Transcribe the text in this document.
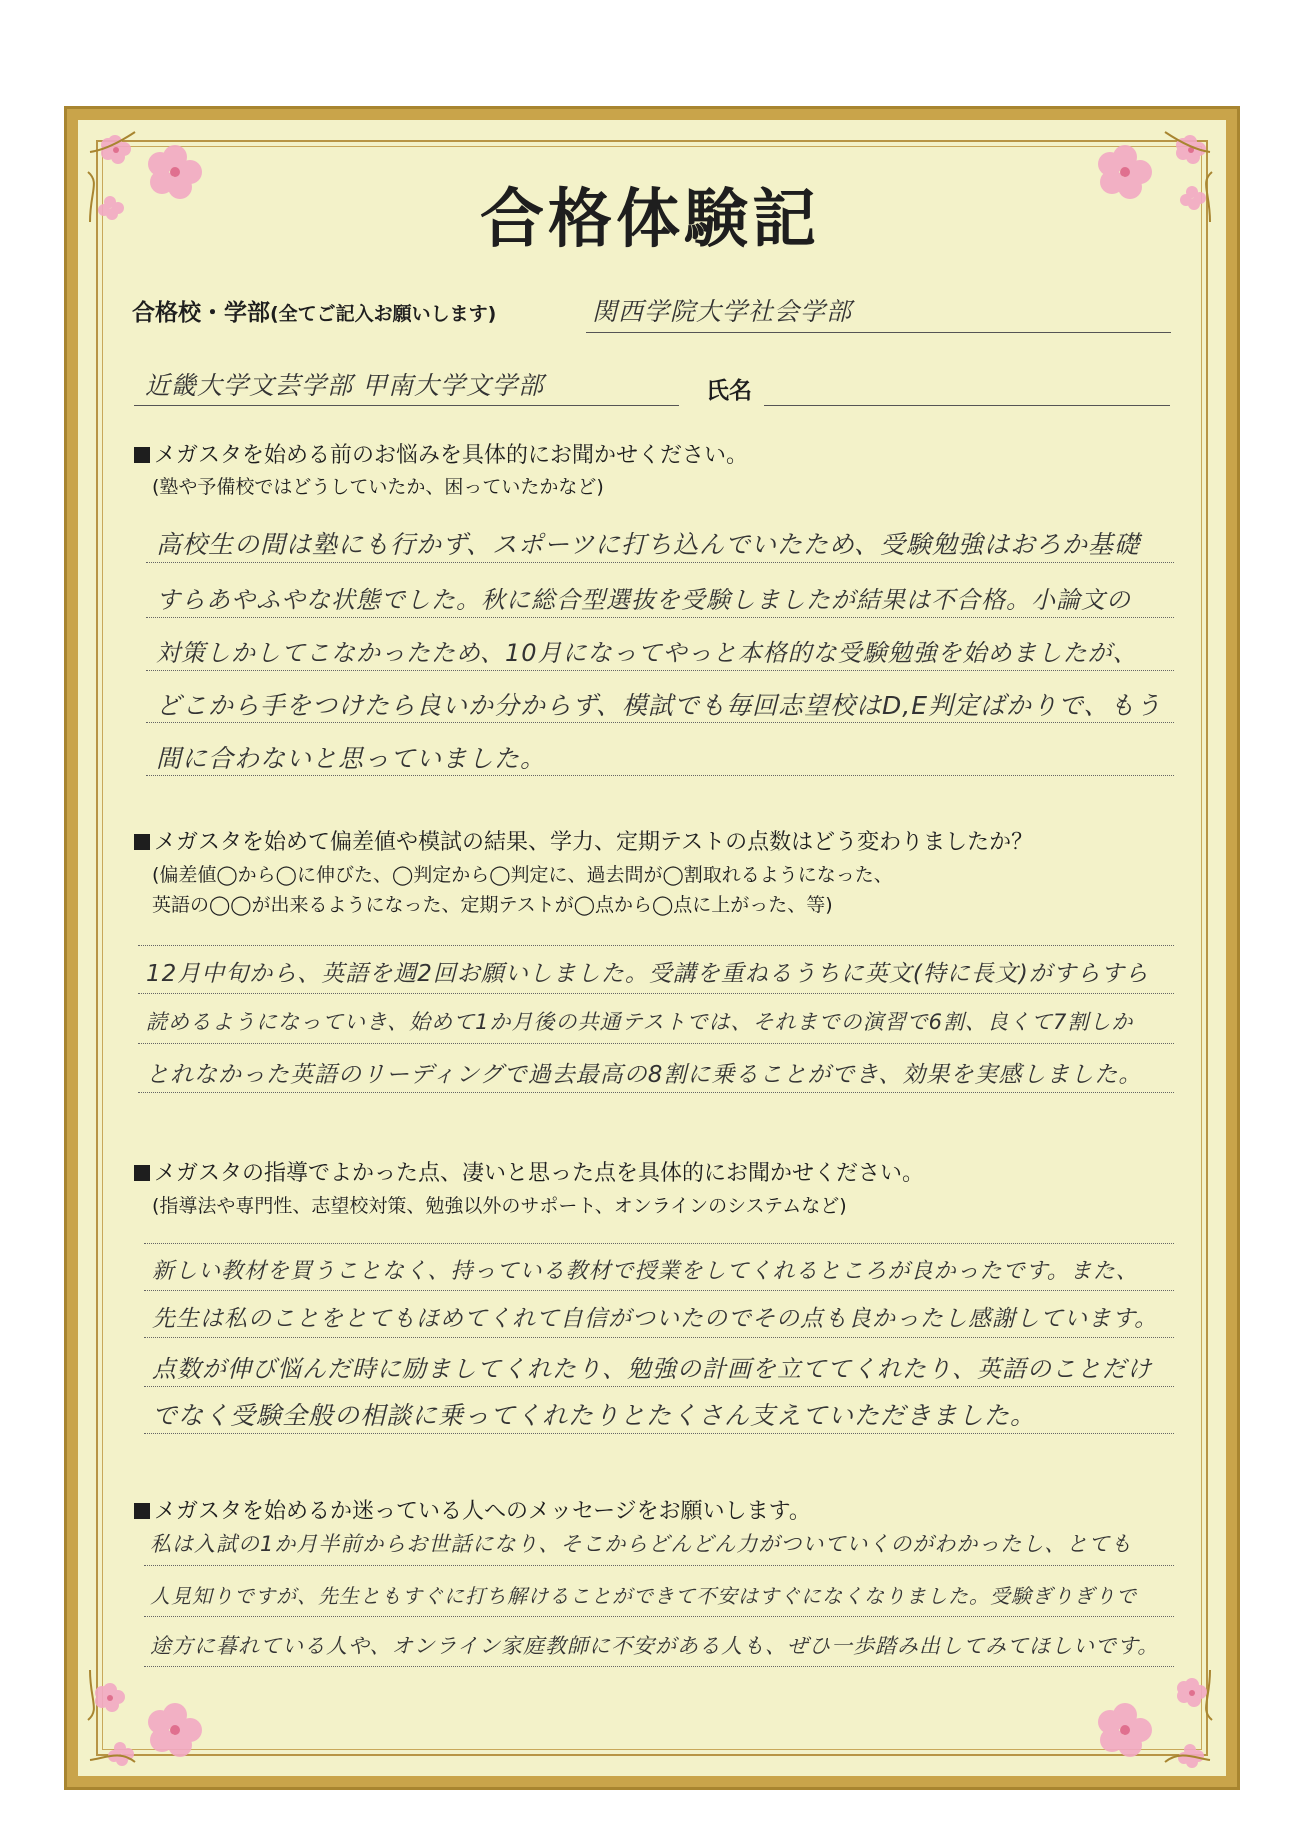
合格体験記
合格校・学部(全てご記入お願いします)	関西学院大学社会学部
近畿大学文芸学部 甲南大学文学部	氏名
メガスタを始める前のお悩みを具体的にお聞かせください。
(塾や予備校ではどうしていたか、困っていたかなど)
高校生の間は塾にも行かず、スポーツに打ち込んでいたため、受験勉強はおろか基礎
すらあやふやな状態でした。秋に総合型選抜を受験しましたが結果は不合格。小論文の
対策しかしてこなかったため、10月になってやっと本格的な受験勉強を始めましたが、
どこから手をつけたら良いか分からず、模試でも毎回志望校はD,E判定ばかりで、もう
間に合わないと思っていました。
メガスタを始めて偏差値や模試の結果、学力、定期テストの点数はどう変わりましたか？
(偏差値◯から◯に伸びた、◯判定から◯判定に、過去問が◯割取れるようになった、
英語の◯◯が出来るようになった、定期テストが◯点から◯点に上がった、等)
12月中旬から、英語を週2回お願いしました。受講を重ねるうちに英文(特に長文)がすらすら
読めるようになっていき、始めて1か月後の共通テストでは、それまでの演習で6割、良くて7割しか
とれなかった英語のリーディングで過去最高の8割に乗ることができ、効果を実感しました。
メガスタの指導でよかった点、凄いと思った点を具体的にお聞かせください。
(指導法や専門性、志望校対策、勉強以外のサポート、オンラインのシステムなど)
新しい教材を買うことなく、持っている教材で授業をしてくれるところが良かったです。また、
先生は私のことをとてもほめてくれて自信がついたのでその点も良かったし感謝しています。
点数が伸び悩んだ時に励ましてくれたり、勉強の計画を立ててくれたり、英語のことだけ
でなく受験全般の相談に乗ってくれたりとたくさん支えていただきました。
メガスタを始めるか迷っている人へのメッセージをお願いします。
私は入試の1か月半前からお世話になり、そこからどんどん力がついていくのがわかったし、とても
人見知りですが、先生ともすぐに打ち解けることができて不安はすぐになくなりました。受験ぎりぎりで
途方に暮れている人や、オンライン家庭教師に不安がある人も、ぜひ一歩踏み出してみてほしいです。
